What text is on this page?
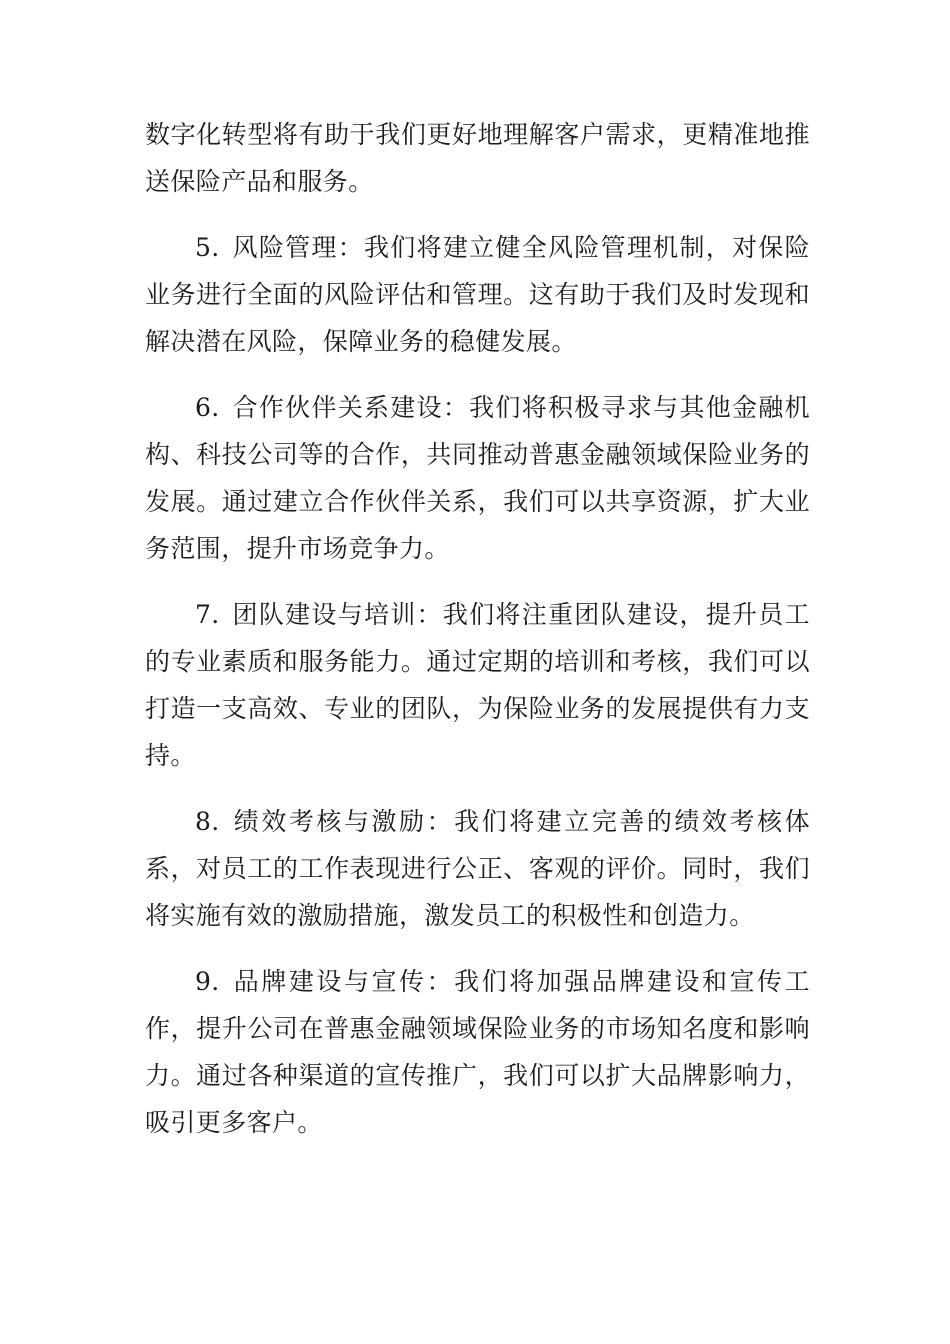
数字化转型将有助于我们更好地理解客户需求，更精准地推送保险产品和服务。

5. 风险管理：我们将建立健全风险管理机制，对保险业务进行全面的风险评估和管理。这有助于我们及时发现和解决潜在风险，保障业务的稳健发展。

6. 合作伙伴关系建设：我们将积极寻求与其他金融机构、科技公司等的合作，共同推动普惠金融领域保险业务的发展。通过建立合作伙伴关系，我们可以共享资源，扩大业务范围，提升市场竞争力。

7. 团队建设与培训：我们将注重团队建设，提升员工的专业素质和服务能力。通过定期的培训和考核，我们可以打造一支高效、专业的团队，为保险业务的发展提供有力支持。

8. 绩效考核与激励：我们将建立完善的绩效考核体系，对员工的工作表现进行公正、客观的评价。同时，我们将实施有效的激励措施，激发员工的积极性和创造力。

9. 品牌建设与宣传：我们将加强品牌建设和宣传工作，提升公司在普惠金融领域保险业务的市场知名度和影响力。通过各种渠道的宣传推广，我们可以扩大品牌影响力，吸引更多客户。
